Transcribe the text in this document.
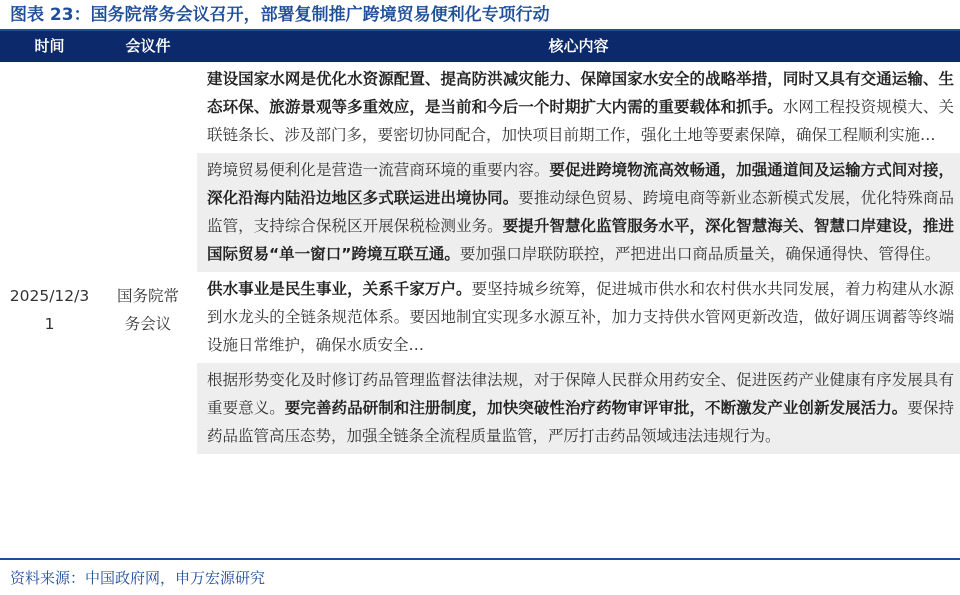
图表 23：国务院常务会议召开，部署复制推广跨境贸易便利化专项行动
时间	会议件	核心内容
2025/12/31
国务院常务会议
建设国家水网是优化水资源配置、提高防洪减灾能力、保障国家水安全的战略举措，同时又具有交通运输、生态环保、旅游景观等多重效应，是当前和今后一个时期扩大内需的重要载体和抓手。水网工程投资规模大、关联链条长、涉及部门多，要密切协同配合，加快项目前期工作，强化土地等要素保障，确保工程顺利实施…
跨境贸易便利化是营造一流营商环境的重要内容。要促进跨境物流高效畅通，加强通道间及运输方式间对接，深化沿海内陆沿边地区多式联运进出境协同。要推动绿色贸易、跨境电商等新业态新模式发展，优化特殊商品监管，支持综合保税区开展保税检测业务。要提升智慧化监管服务水平，深化智慧海关、智慧口岸建设，推进国际贸易“单一窗口”跨境互联互通。要加强口岸联防联控，严把进出口商品质量关，确保通得快、管得住。
供水事业是民生事业，关系千家万户。要坚持城乡统筹，促进城市供水和农村供水共同发展，着力构建从水源到水龙头的全链条规范体系。要因地制宜实现多水源互补，加力支持供水管网更新改造，做好调压调蓄等终端设施日常维护，确保水质安全…
根据形势变化及时修订药品管理监督法律法规，对于保障人民群众用药安全、促进医药产业健康有序发展具有重要意义。要完善药品研制和注册制度，加快突破性治疗药物审评审批，不断激发产业创新发展活力。要保持药品监管高压态势，加强全链条全流程质量监管，严厉打击药品领域违法违规行为。
资料来源：中国政府网，申万宏源研究
